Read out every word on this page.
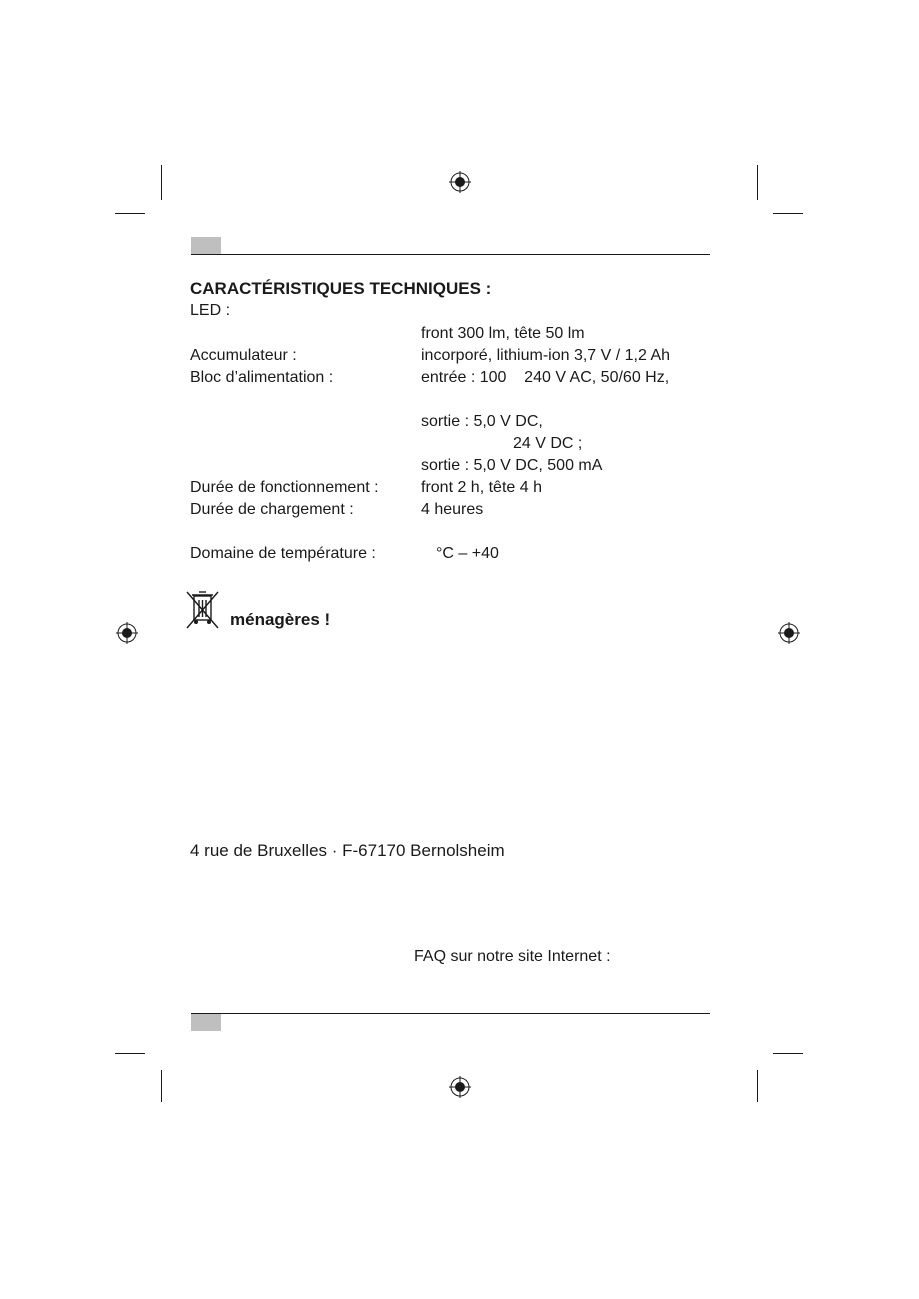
CARACTÉRISTIQUES TECHNIQUES :
LED :
front 300 lm, tête 50 lm
Accumulateur :	incorporé, lithium-ion 3,7 V / 1,2 Ah
Bloc d’alimentation :	entrée : 100    240 V AC, 50/60 Hz,
sortie : 5,0 V DC,
24 V DC ;
sortie : 5,0 V DC, 500 mA
Durée de fonctionnement :	front 2 h, tête 4 h
Durée de chargement :	4 heures
Domaine de température :	°C – +40
ménagères !
4 rue de Bruxelles · F-67170 Bernolsheim
FAQ sur notre site Internet :
